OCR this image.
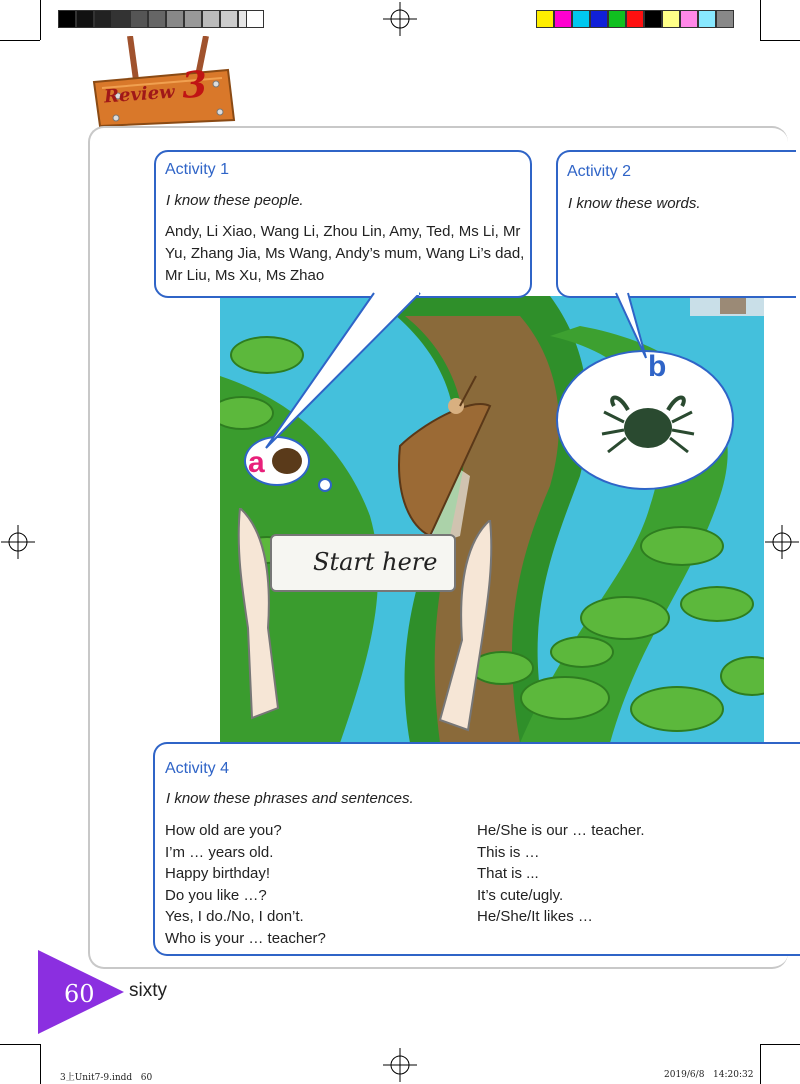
Review 3
a
b
Start here
Activity 1
I know these people.
Andy, Li Xiao, Wang Li, Zhou Lin, Amy, Ted, Ms Li, Mr Yu, Zhang Jia, Ms Wang, Andy’s mum, Wang Li’s dad, Mr Liu, Ms Xu, Ms Zhao
Activity 2
I know these words.
Activity 4
I know these phrases and sentences.
How old are you?
I’m … years old.
Happy birthday!
Do you like …?
Yes, I do./No, I don’t.
Who is your … teacher?
He/She is our … teacher.
This is …
That is ...
It’s cute/ugly.
He/She/It likes …
60 sixty
3上Unit7-9.indd   60	2019/6/8   14:20:32
